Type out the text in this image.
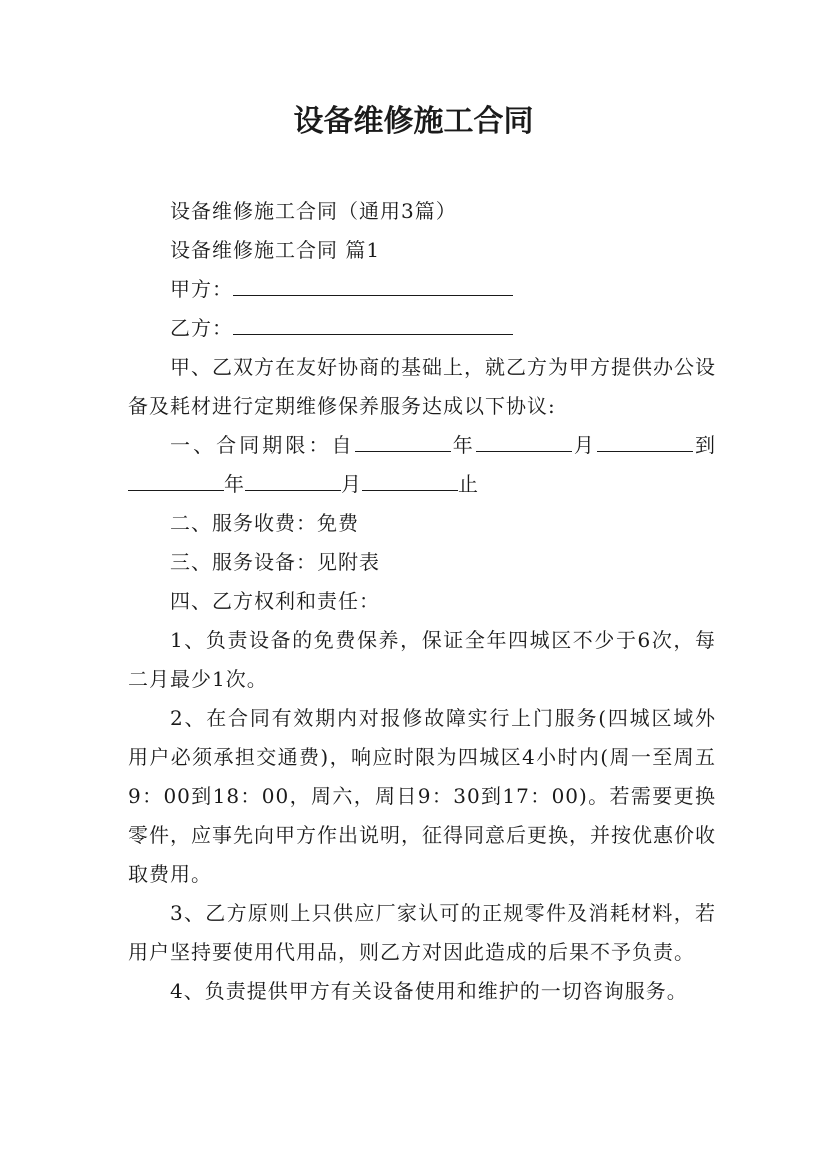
设备维修施工合同

设备维修施工合同（通用3篇）

设备维修施工合同 篇1

甲方：

乙方：

甲、乙双方在友好协商的基础上，就乙方为甲方提供办公设备及耗材进行定期维修保养服务达成以下协议:

一、合同期限：自	年	月	到年	月	止

二、服务收费：免费

三、服务设备：见附表

四、乙方权利和责任：

1、负责设备的免费保养，保证全年四城区不少于6次，每二月最少1次。

2、在合同有效期内对报修故障实行上门服务(四城区域外用户必须承担交通费)，响应时限为四城区4小时内(周一至周五9：00到18：00，周六，周日9：30到17：00)。若需要更换零件，应事先向甲方作出说明，征得同意后更换，并按优惠价收取费用。

3、乙方原则上只供应厂家认可的正规零件及消耗材料，若用户坚持要使用代用品，则乙方对因此造成的后果不予负责。

4、负责提供甲方有关设备使用和维护的一切咨询服务。
